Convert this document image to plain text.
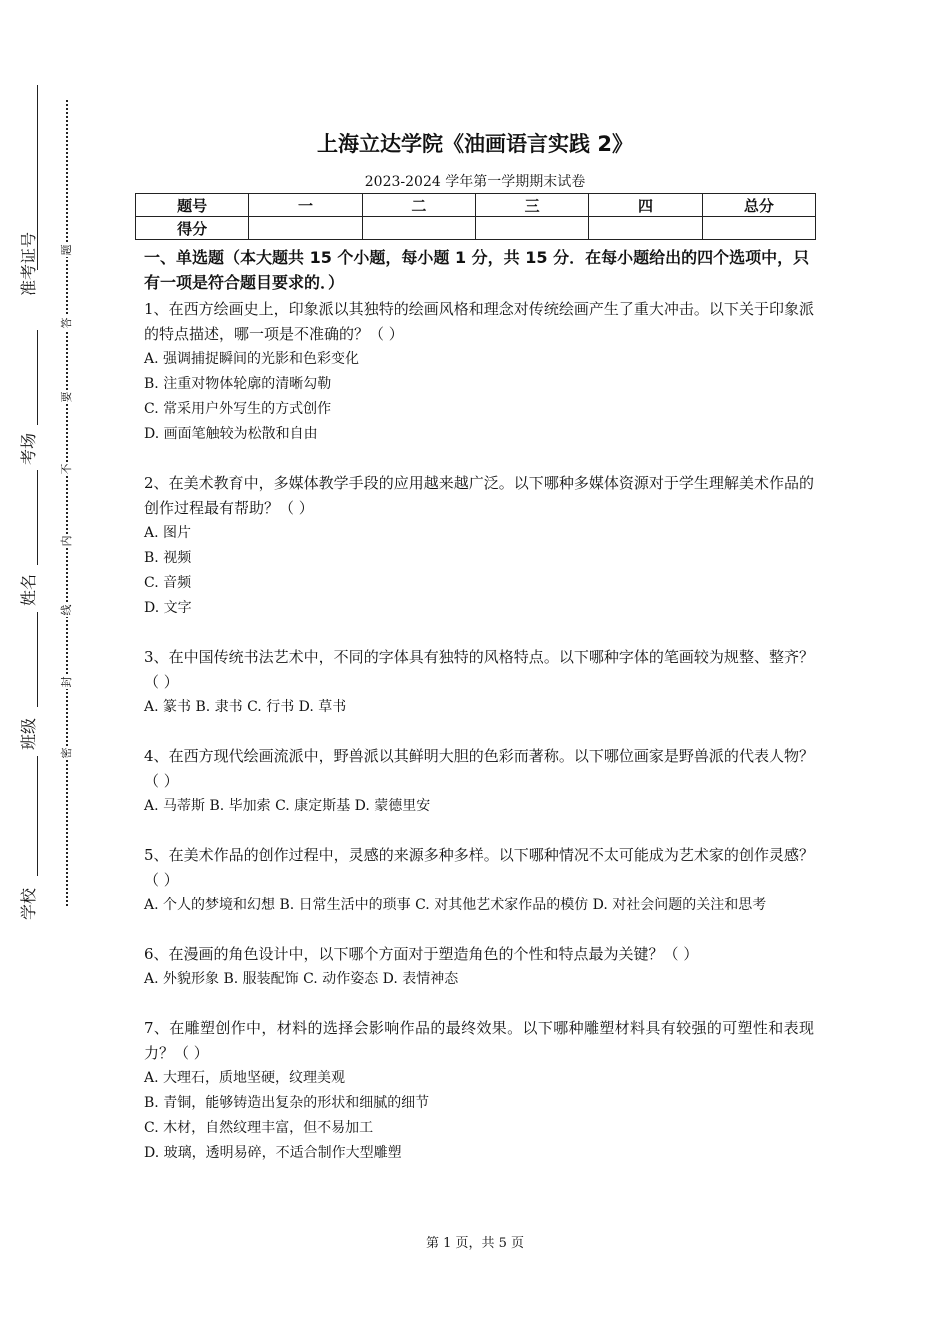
准考证号
考场
姓名
班级
学校
题
答
要
不
内
线
封
密
上海立达学院《油画语言实践 2》
2023-2024 学年第一学期期末试卷
题号	一	二	三	四	总分
得分					
一、单选题（本大题共 15 个小题，每小题 1 分，共 15 分．在每小题给出的四个选项中，只有一项是符合题目要求的．）
1、在西方绘画史上，印象派以其独特的绘画风格和理念对传统绘画产生了重大冲击。以下关于印象派的特点描述，哪一项是不准确的？（ ）
A. 强调捕捉瞬间的光影和色彩变化
B. 注重对物体轮廓的清晰勾勒
C. 常采用户外写生的方式创作
D. 画面笔触较为松散和自由
2、在美术教育中，多媒体教学手段的应用越来越广泛。以下哪种多媒体资源对于学生理解美术作品的创作过程最有帮助？（ ）
A. 图片
B. 视频
C. 音频
D. 文字
3、在中国传统书法艺术中，不同的字体具有独特的风格特点。以下哪种字体的笔画较为规整、整齐？（ ）
A. 篆书 B. 隶书 C. 行书 D. 草书
4、在西方现代绘画流派中，野兽派以其鲜明大胆的色彩而著称。以下哪位画家是野兽派的代表人物？（ ）
A. 马蒂斯 B. 毕加索 C. 康定斯基 D. 蒙德里安
5、在美术作品的创作过程中，灵感的来源多种多样。以下哪种情况不太可能成为艺术家的创作灵感？（ ）
A. 个人的梦境和幻想 B. 日常生活中的琐事 C. 对其他艺术家作品的模仿 D. 对社会问题的关注和思考
6、在漫画的角色设计中，以下哪个方面对于塑造角色的个性和特点最为关键？（ ）
A. 外貌形象 B. 服装配饰 C. 动作姿态 D. 表情神态
7、在雕塑创作中，材料的选择会影响作品的最终效果。以下哪种雕塑材料具有较强的可塑性和表现力？（ ）
A. 大理石，质地坚硬，纹理美观
B. 青铜，能够铸造出复杂的形状和细腻的细节
C. 木材，自然纹理丰富，但不易加工
D. 玻璃，透明易碎，不适合制作大型雕塑
第 1 页，共 5 页
